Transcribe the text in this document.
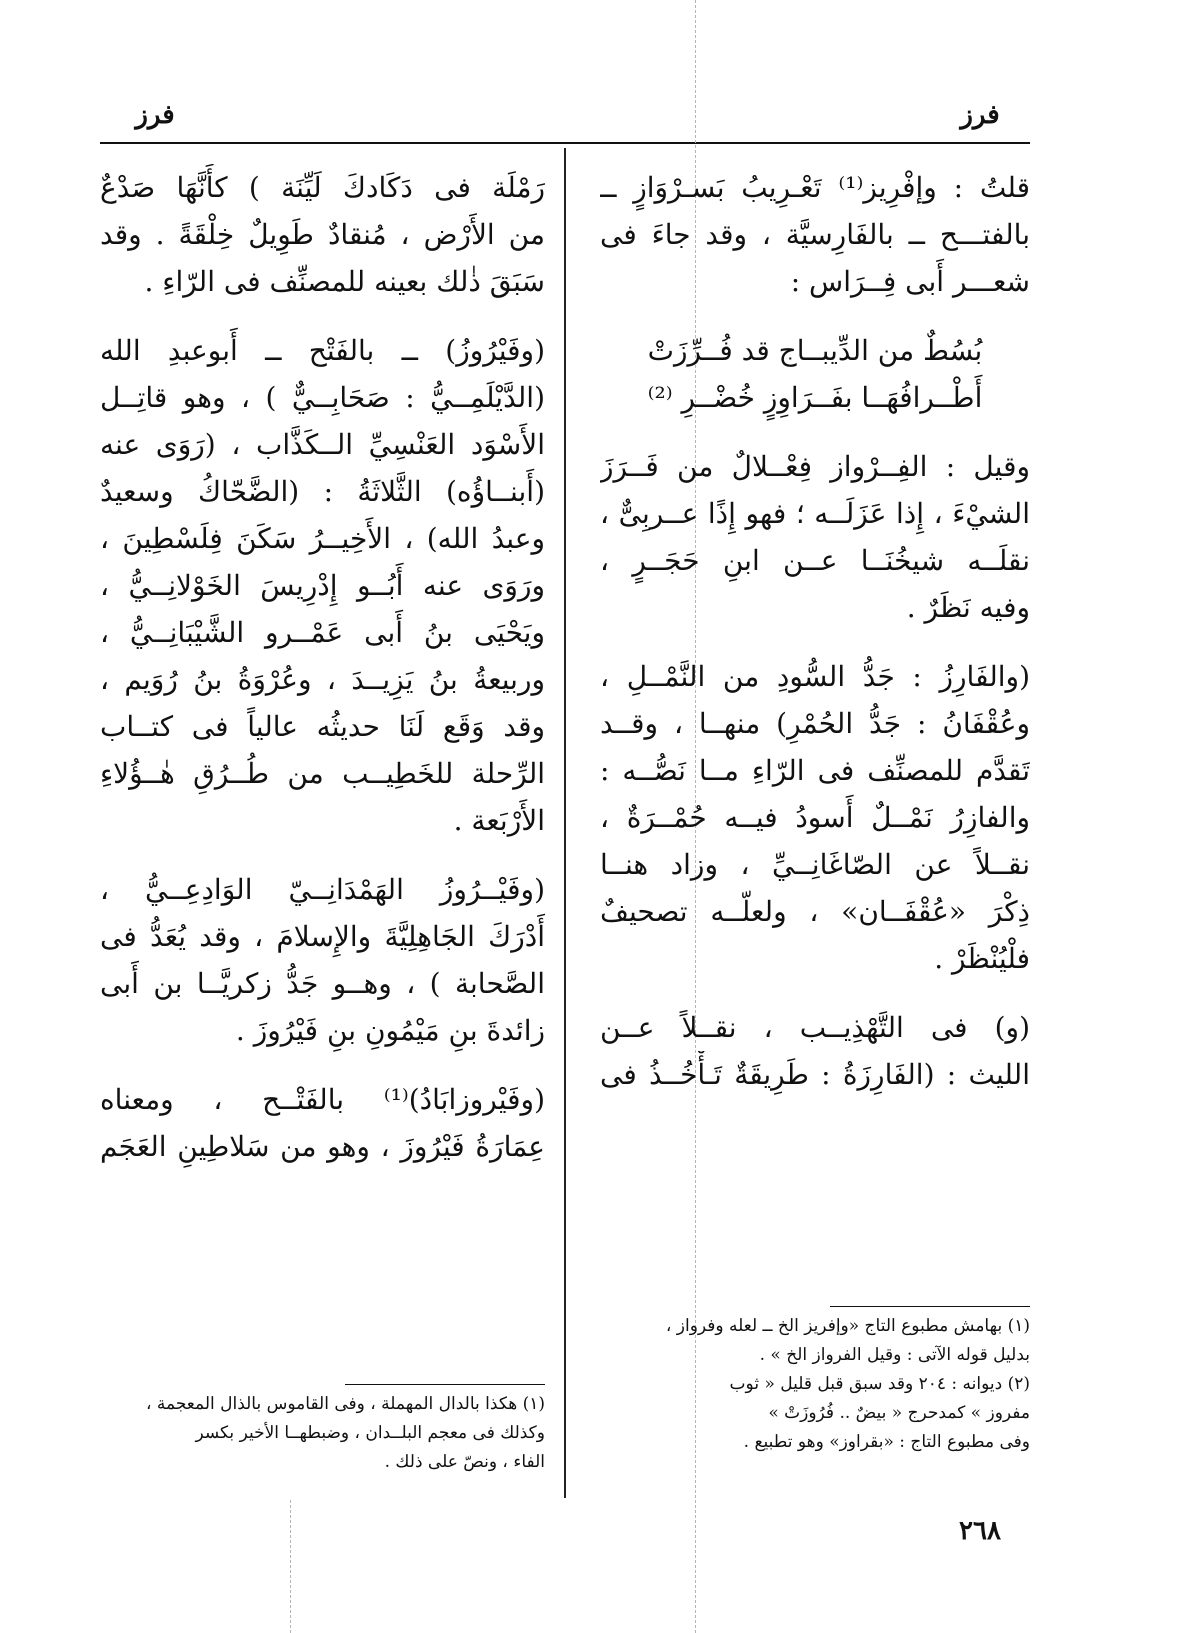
فرز
فرز
قلتُ : وإفْرِيز⁽¹⁾ تَعْـرِيبُ بَسـرْوَازٍ ــ
بالفتـــح ــ بالفَارِسيَّة ، وقد جاءَ فى
شعـــر أَبى فِــرَاس :
بُسُطٌ من الدِّيبــاج قد فُــرِّزَتْ
أَطْــرافُهَــا بفَــرَاوِزٍ خُضْــرِ ⁽²⁾
وقيل : الفِــرْواز فِعْــلالٌ من فَــرَزَ
الشيْءَ ، إِذا عَزَلَــه ؛ فهو إِذًا عــربِىٌّ ،
نقلَــه شيخُنَــا عــن ابنِ حَجَــرٍ ،
وفيه نَظَرٌ .
(والفَارِزُ : جَدُّ السُّودِ من النَّمْــلِ ،
وعُقْفَانُ : جَدُّ الحُمْرِ) منهــا ، وقــد
تَقدَّم للمصنِّف فى الرّاءِ مــا نَصُّــه :
والفازِرُ نَمْــلٌ أَسودُ فيــه حُمْــرَةٌ ،
نقــلاً عن الصّاغَانِــيِّ ، وزاد هنــا
ذِكْرَ «عُقْفَــان» ، ولعلّــه تصحيفٌ
فلْيُنْظَرْ .
(و) فى التَّهْذِيــب ، نقــلاً عــن
الليث : (الفَارِزَةُ : طَرِيقَةٌ تَـأْخُــذُ فى
رَمْلَة فى دَكَادكَ لَيِّنَة ) كأَنَّهَا صَدْعٌ
من الأَرْض ، مُنقادٌ طَوِيلٌ خِلْقَةً . وقد
سَبَقَ ذٰلك بعينه للمصنِّف فى الرّاءِ .
(وفَيْرُوزُ) ــ بالفَتْح ــ أَبوعبدِ الله
(الدَّيْلَمِــيُّ : صَحَابِــيٌّ ) ، وهو قاتِــل
الأَسْوَد العَنْسِيِّ الــكَذَّاب ، (رَوَى عنه
(أَبنــاؤُه) الثَّلاثَةُ : (الضَّحّاكُ وسعيدٌ
وعبدُ الله) ، الأَخِيــرُ سَكَنَ فِلَسْطِينَ ،
ورَوَى عنه أَبُــو إِدْرِيسَ الخَوْلانِــيُّ ،
ويَحْيَى بنُ أَبى عَمْــرو الشَّيْبَانِــيُّ ،
وربيعةُ بنُ يَزِيــدَ ، وعُرْوَةُ بنُ رُوَيم ،
وقد وَقَع لَنَا حديثُه عالياً فى كتــاب
الرِّحلة للخَطِيــب من طُــرُقِ هٰــؤُلاءِ
الأَرْبَعة .
(وفَيْــرُوزُ الهَمْدَانِــيّ الوَادِعِــيُّ ،
أَدْرَكَ الجَاهِلِيَّةَ والإِسلامَ ، وقد يُعَدُّ فى
الصَّحابة ) ، وهــو جَدُّ زكريَّــا بن أَبى
زائدةَ بنِ مَيْمُونِ بنِ فَيْرُوزَ .
(وفَيْروزابَادُ)⁽¹⁾ بالفَتْــح ، ومعناه
عِمَارَةُ فَيْرُوزَ ، وهو من سَلاطِينِ العَجَم
(١) بهامش مطبوع التاج «وإفريز الخ ــ لعله وفرواز ،
بدليل قوله الآتى : وقيل الفرواز الخ » .
(٢) ديوانه : ٢٠٤ وقد سبق قبل قليل « ثوب
مفروز » كمدحرج « بيضٌ .. فُرُوزَتْ »
وفى مطبوع التاج : «بقراوز» وهو تطبيع .
(١) هكذا بالدال المهملة ، وفى القاموس بالذال المعجمة ،
وكذلك فى معجم البلــدان ، وضبطهــا الأخير بكسر
الفاء ، ونصّ على ذلك .
٢٦٨
